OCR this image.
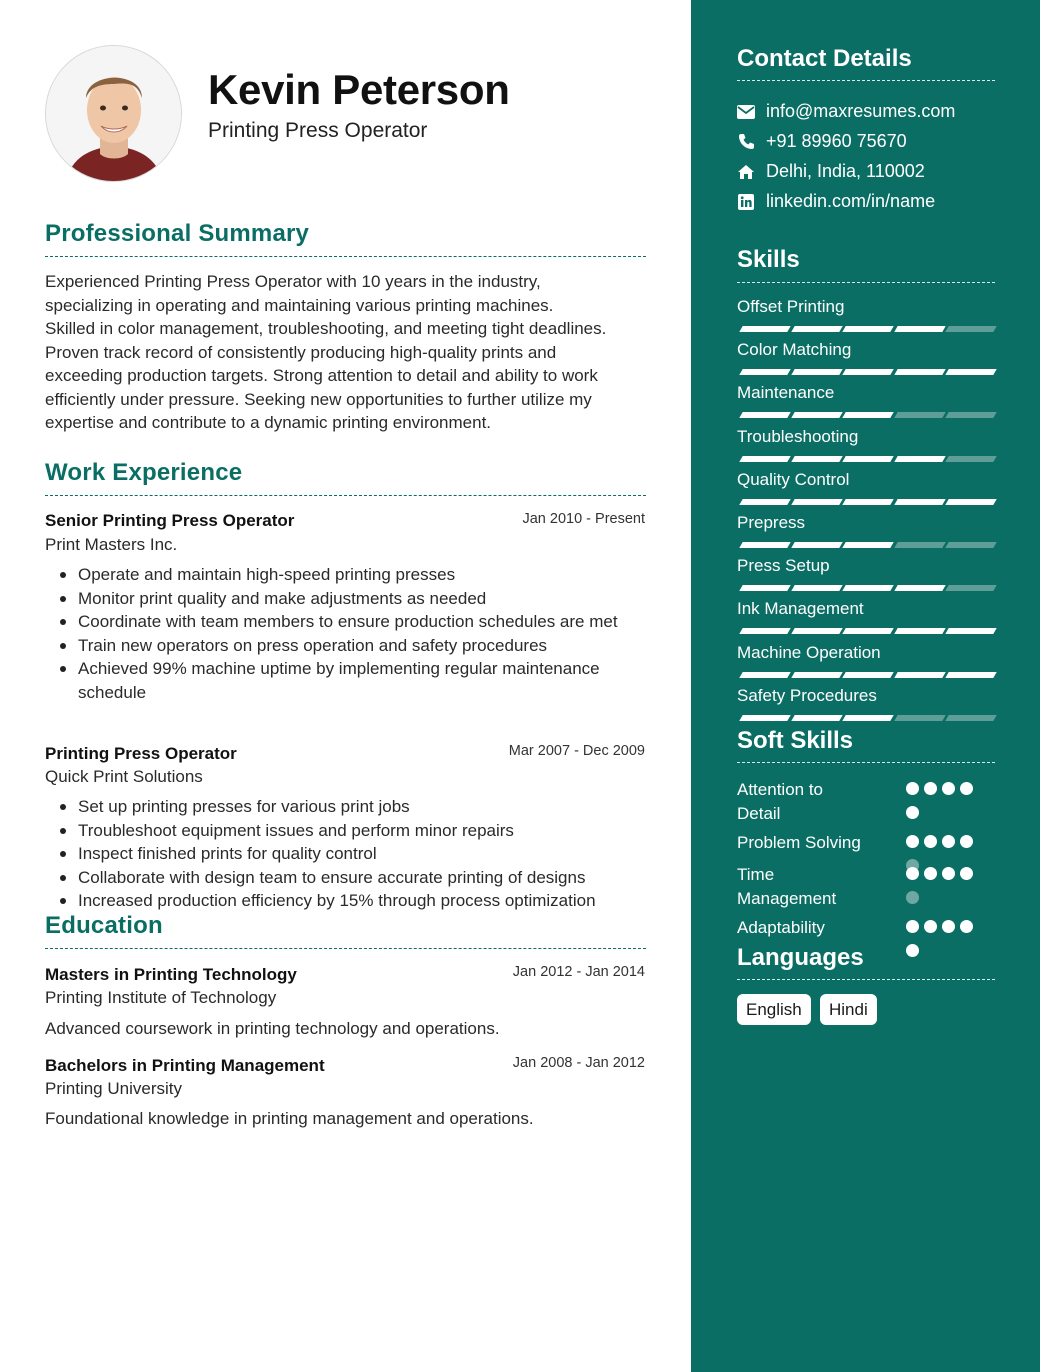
Kevin Peterson
Printing Press Operator
Professional Summary
Experienced Printing Press Operator with 10 years in the industry,
specializing in operating and maintaining various printing machines.
Skilled in color management, troubleshooting, and meeting tight deadlines.
Proven track record of consistently producing high-quality prints and
exceeding production targets. Strong attention to detail and ability to work
efficiently under pressure. Seeking new opportunities to further utilize my
expertise and contribute to a dynamic printing environment.
Work Experience
Senior Printing Press Operator	Jan 2010 - Present
Print Masters Inc.
Operate and maintain high-speed printing presses
Monitor print quality and make adjustments as needed
Coordinate with team members to ensure production schedules are met
Train new operators on press operation and safety procedures
Achieved 99% machine uptime by implementing regular maintenance schedule
Printing Press Operator	Mar 2007 - Dec 2009
Quick Print Solutions
Set up printing presses for various print jobs
Troubleshoot equipment issues and perform minor repairs
Inspect finished prints for quality control
Collaborate with design team to ensure accurate printing of designs
Increased production efficiency by 15% through process optimization
Education
Masters in Printing Technology	Jan 2012 - Jan 2014
Printing Institute of Technology
Advanced coursework in printing technology and operations.
Bachelors in Printing Management	Jan 2008 - Jan 2012
Printing University
Foundational knowledge in printing management and operations.
Contact Details
info@maxresumes.com
+91 89960 75670
Delhi, India, 110002
linkedin.com/in/name
Skills
Offset Printing
Color Matching
Maintenance
Troubleshooting
Quality Control
Prepress
Press Setup
Ink Management
Machine Operation
Safety Procedures
Soft Skills
Attention to
Detail
Problem Solving
Time
Management
Adaptability
Languages
English	Hindi
